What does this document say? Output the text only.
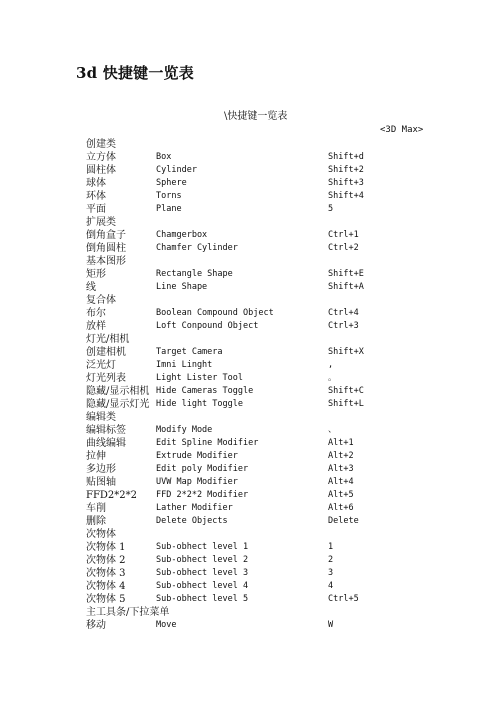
3d 快捷键一览表
\快捷键一览表
<3D Max>
创建类
立方体	Box	Shift+d
圆柱体	Cylinder	Shift+2
球体	Sphere	Shift+3
环体	Torns	Shift+4
平面	Plane	5
扩展类
倒角盒子	Chamgerbox	Ctrl+1
倒角圆柱	Chamfer Cylinder	Ctrl+2
基本图形
矩形	Rectangle Shape	Shift+E
线	Line Shape	Shift+A
复合体
布尔	Boolean Compound Object	Ctrl+4
放样	Loft Conpound Object	Ctrl+3
灯光/相机
创建相机	Target Camera	Shift+X
泛光灯	Imni Linght	,
灯光列表	Light Lister Tool	。
隐藏/显示相机 Hide Cameras Toggle	Shift+C
隐藏/显示灯光 Hide light Toggle	Shift+L
编辑类
编辑标签	Modify Mode	、
曲线编辑	Edit Spline Modifier	Alt+1
拉伸	Extrude Modifier	Alt+2
多边形	Edit poly Modifier	Alt+3
贴图轴	UVW Map Modifier	Alt+4
FFD2*2*2 FFD 2*2*2 Modifier	Alt+5
车削	Lather Modifier	Alt+6
删除	Delete Objects	Delete
次物体
次物体 1	Sub-obhect level 1	1
次物体 2	Sub-obhect level 2	2
次物体 3	Sub-obhect level 3	3
次物体 4	Sub-obhect level 4	4
次物体 5	Sub-obhect level 5	Ctrl+5
主工具条/下拉菜单
移动	Move	W
